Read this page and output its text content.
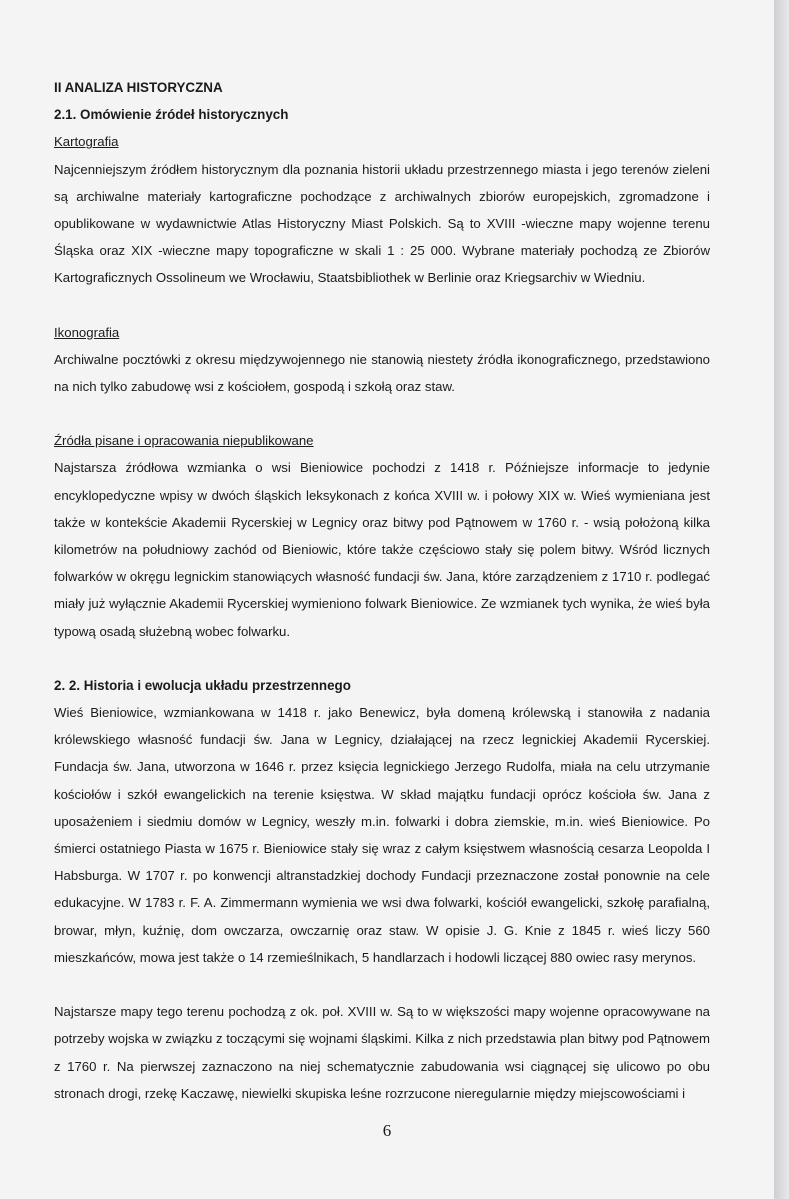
II ANALIZA HISTORYCZNA

2.1. Omówienie źródeł historycznych

Kartografia

Najcenniejszym źródłem historycznym dla poznania historii układu przestrzennego miasta i jego terenów zieleni są archiwalne materiały kartograficzne pochodzące z archiwalnych zbiorów europejskich, zgromadzone i opublikowane w wydawnictwie Atlas Historyczny Miast Polskich. Są to XVIII -wieczne mapy wojenne terenu Śląska oraz XIX -wieczne mapy topograficzne w skali 1 : 25 000. Wybrane materiały pochodzą ze Zbiorów Kartograficznych Ossolineum we Wrocławiu, Staatsbibliothek w Berlinie oraz Kriegsarchiv w Wiedniu.

Ikonografia

Archiwalne pocztówki z okresu międzywojennego nie stanowią niestety źródła ikonograficznego, przedstawiono na nich tylko zabudowę wsi z kościołem, gospodą i szkołą oraz staw.

Źródła pisane i opracowania niepublikowane

Najstarsza źródłowa wzmianka o wsi Bieniowice pochodzi z 1418 r. Późniejsze informacje to jedynie encyklopedyczne wpisy w dwóch śląskich leksykonach z końca XVIII w. i połowy XIX w. Wieś wymieniana jest także w kontekście Akademii Rycerskiej w Legnicy oraz bitwy pod Pątnowem w 1760 r. - wsią położoną kilka kilometrów na południowy zachód od Bieniowic, które także częściowo stały się polem bitwy. Wśród licznych folwarków w okręgu legnickim stanowiących własność fundacji św. Jana, które zarządzeniem z 1710 r. podlegać miały już wyłącznie Akademii Rycerskiej wymieniono folwark Bieniowice. Ze wzmianek tych wynika, że wieś była typową osadą służebną wobec folwarku.

2. 2. Historia i ewolucja układu przestrzennego

Wieś Bieniowice, wzmiankowana w 1418 r. jako Benewicz, była domeną królewską i stanowiła z nadania królewskiego własność fundacji św. Jana w Legnicy, działającej na rzecz legnickiej Akademii Rycerskiej. Fundacja św. Jana, utworzona w 1646 r. przez księcia legnickiego Jerzego Rudolfa, miała na celu utrzymanie kościołów i szkół ewangelickich na terenie księstwa. W skład majątku fundacji oprócz kościoła św. Jana z uposażeniem i siedmiu domów w Legnicy, weszły m.in. folwarki i dobra ziemskie, m.in. wieś Bieniowice. Po śmierci ostatniego Piasta w 1675 r. Bieniowice stały się wraz z całym księstwem własnością cesarza Leopolda I Habsburga. W 1707 r. po konwencji altranstadzkiej dochody Fundacji przeznaczone został ponownie na cele edukacyjne. W 1783 r. F. A. Zimmermann wymienia we wsi dwa folwarki, kościół ewangelicki, szkołę parafialną, browar, młyn, kuźnię, dom owczarza, owczarnię oraz staw. W opisie J. G. Knie z 1845 r. wieś liczy 560 mieszkańców, mowa jest także o 14 rzemieślnikach, 5 handlarzach i hodowli liczącej 880 owiec rasy merynos.

Najstarsze mapy tego terenu pochodzą z ok. poł. XVIII w. Są to w większości mapy wojenne opracowywane na potrzeby wojska w związku z toczącymi się wojnami śląskimi. Kilka z nich przedstawia plan bitwy pod Pątnowem z 1760 r. Na pierwszej zaznaczono na niej schematycznie zabudowania wsi ciągnącej się ulicowo po obu stronach drogi, rzekę Kaczawę, niewielki skupiska leśne rozrzucone nieregularnie między miejscowościami i

6
